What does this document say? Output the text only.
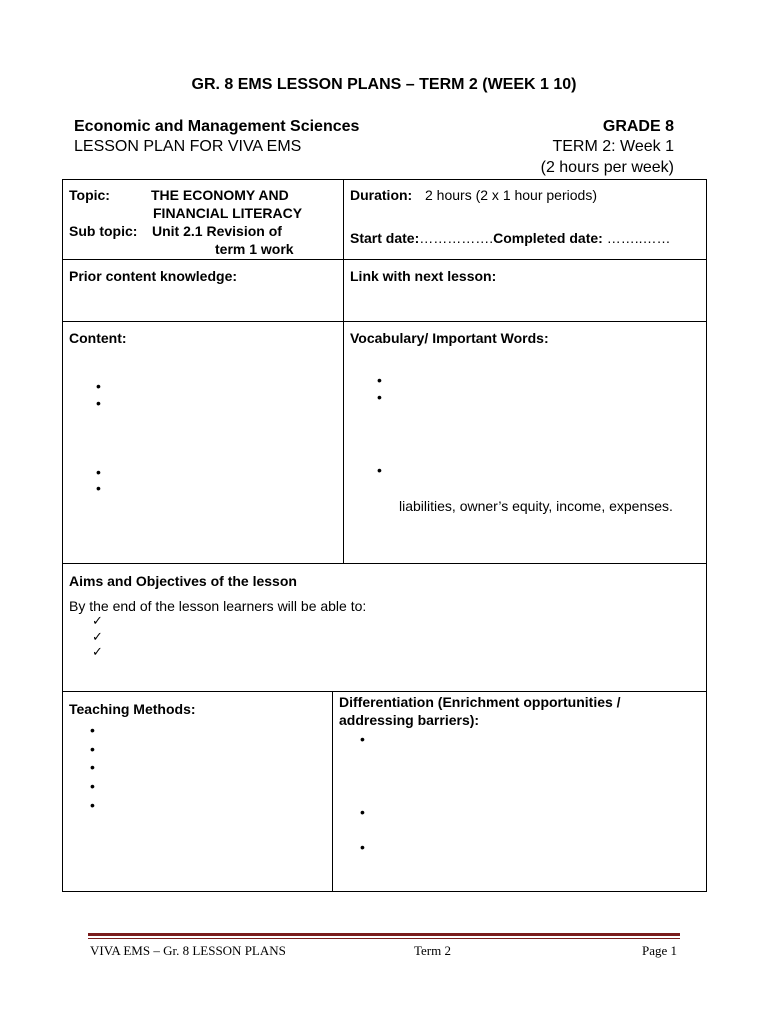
GR. 8 EMS LESSON PLANS – TERM 2 (WEEK 1 10)
Economic and Management Sciences
LESSON PLAN FOR VIVA EMS
GRADE 8
TERM 2: Week 1
(2 hours per week)
Topic:	THE ECONOMY AND
FINANCIAL LITERACY
Sub topic: Unit 2.1 Revision of
term 1 work
Duration: 2 hours (2 x 1 hour periods)
Start date:…………….Completed date: ……..……
Prior content knowledge:	Link with next lesson:
Content:
•
•
•
•
Vocabulary/ Important Words:
•
•
•
liabilities, owner’s equity, income, expenses.
Aims and Objectives of the lesson
By the end of the lesson learners will be able to:
✓
✓
✓
Teaching Methods:
•
•
•
•
•
Differentiation (Enrichment opportunities /
addressing barriers):
•
•
•
VIVA EMS – Gr. 8 LESSON PLANS	Term 2	Page 1
